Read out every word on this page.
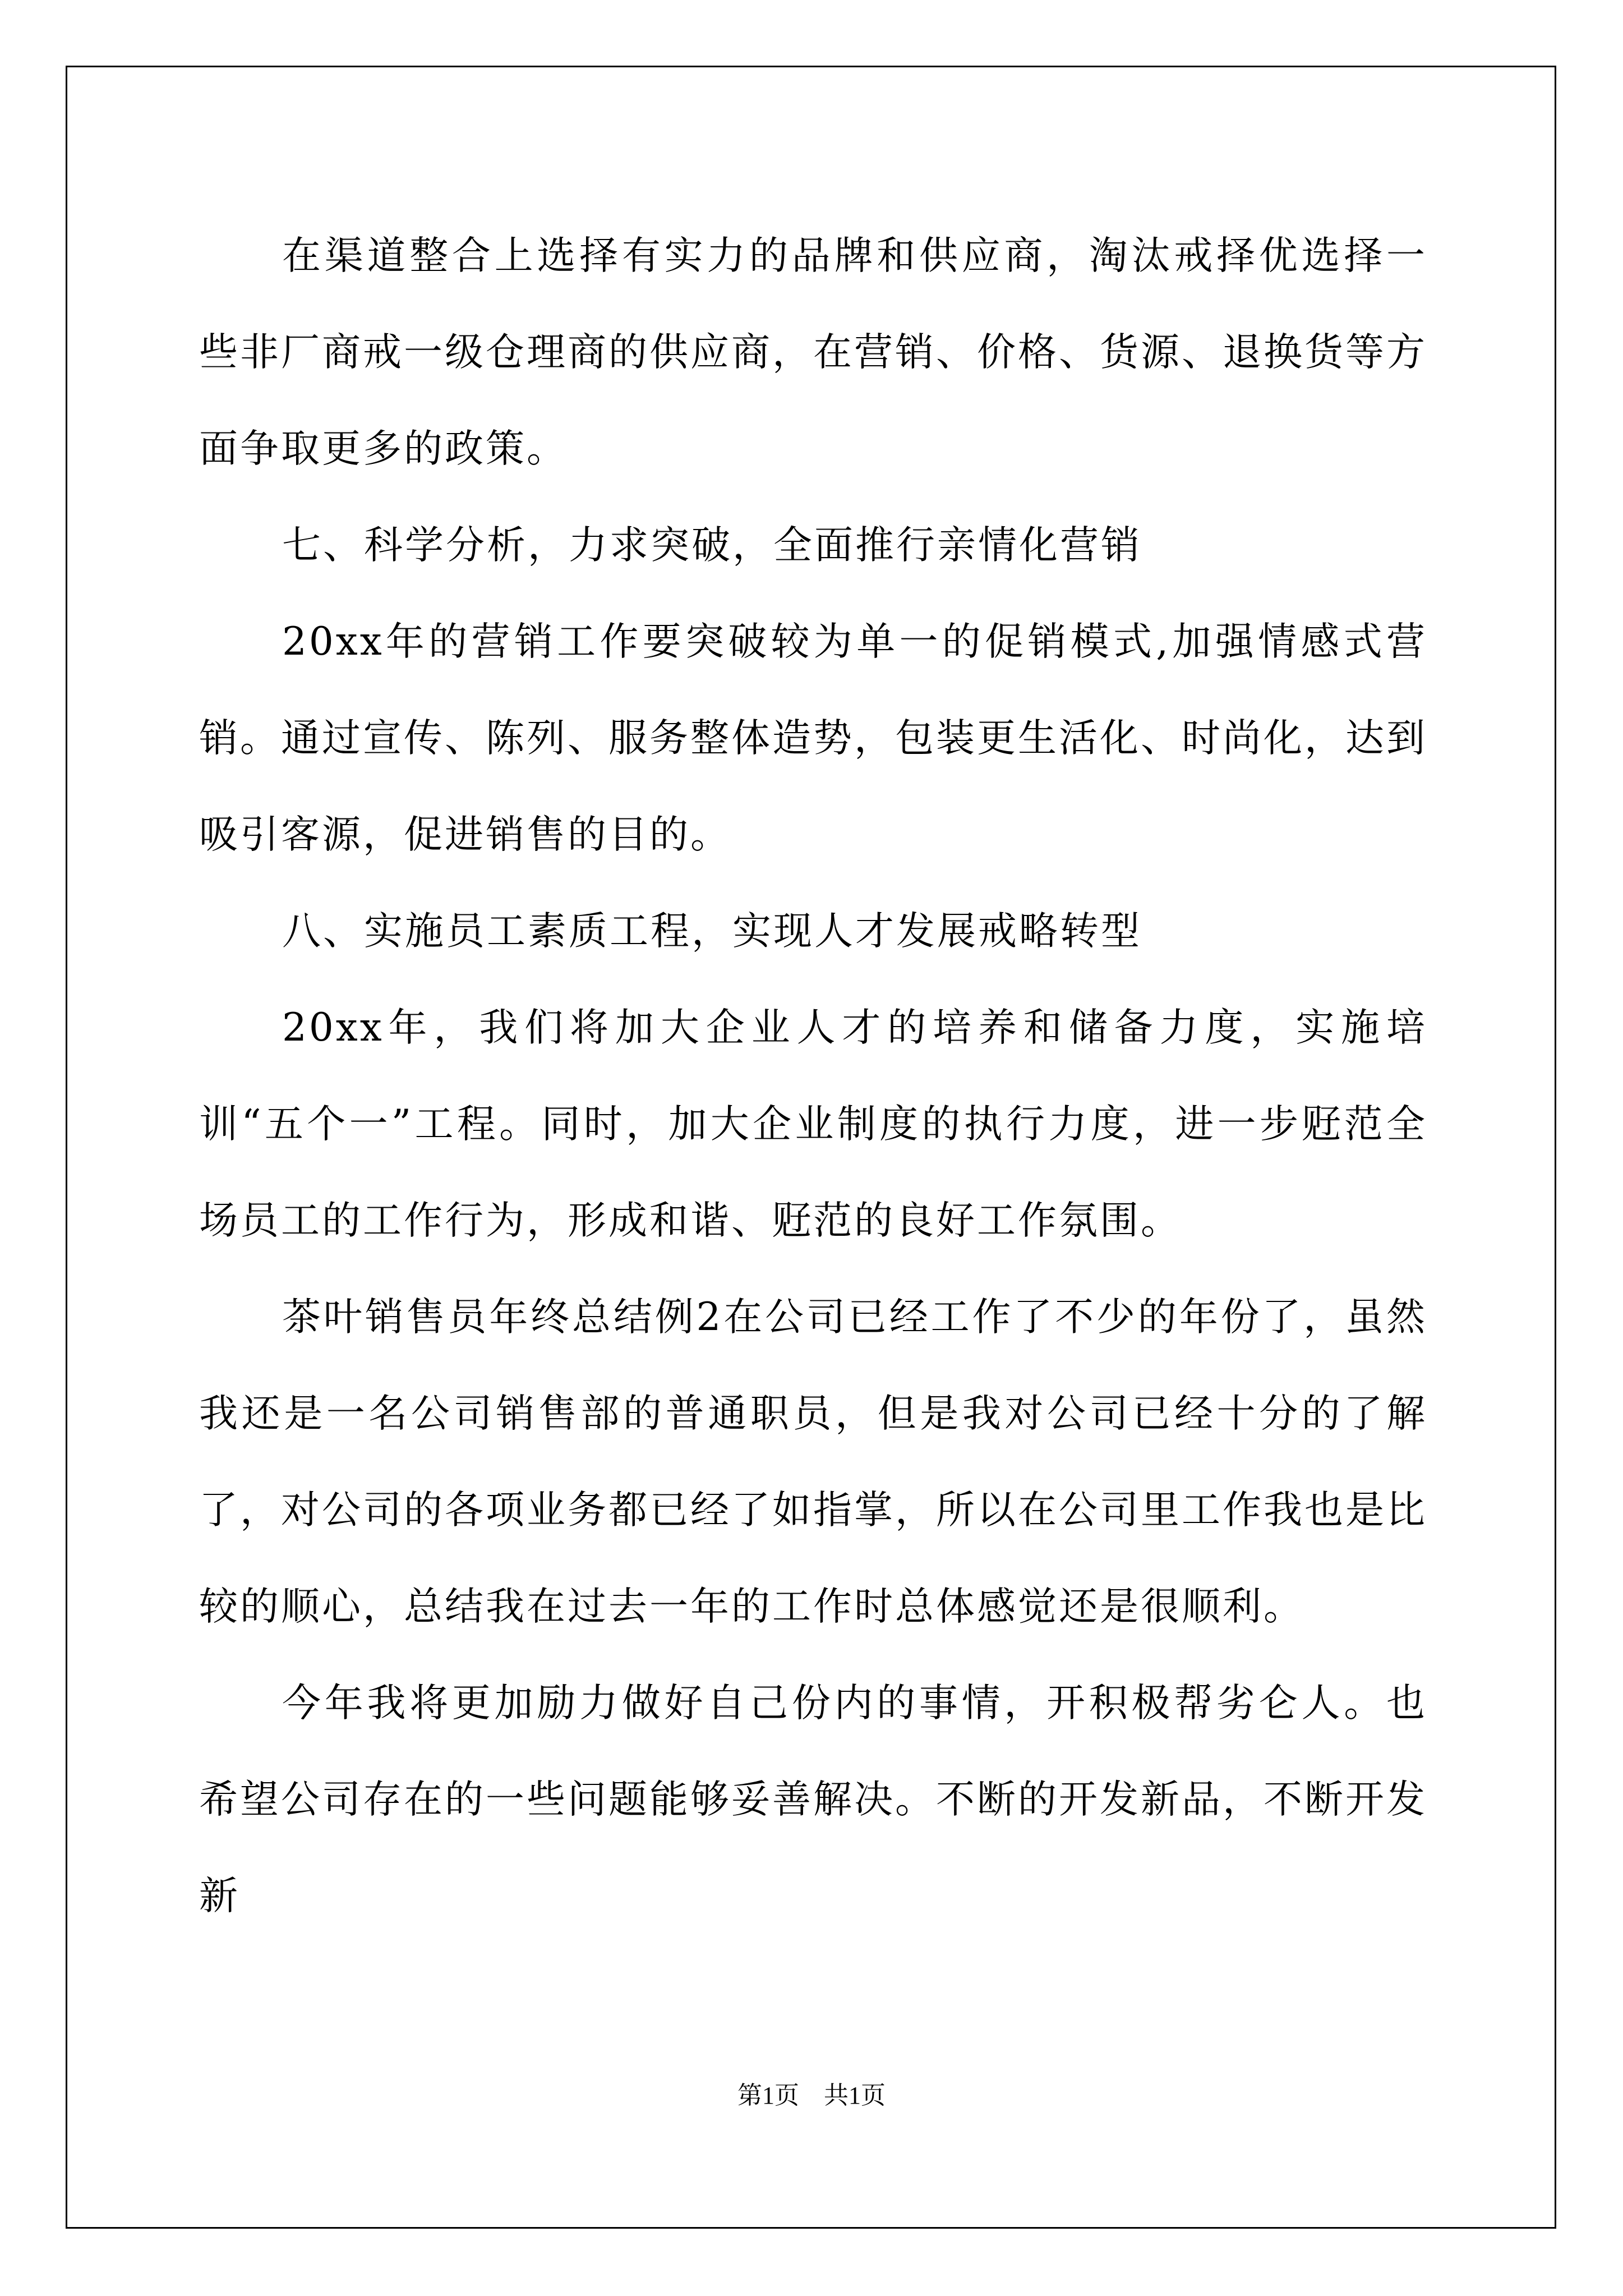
在渠道整合上选择有实力的品牌和供应商，淘汰戒择优选择一些非厂商戒一级仓理商的供应商，在营销、价格、货源、退换货等方面争取更多的政策。

七、科学分析，力求突破，全面推行亲情化营销

20xx年的营销工作要突破较为单一的促销模式,加强情感式营销。通过宣传、陈列、服务整体造势，包装更生活化、时尚化，达到吸引客源，促进销售的目的。

八、实施员工素质工程，实现人才发展戒略转型

20xx年，我们将加大企业人才的培养和储备力度，实施培训“五个一”工程。同时，加大企业制度的执行力度，进一步觃范全场员工的工作行为，形成和谐、觃范的良好工作氛围。

茶叶销售员年终总结例2在公司已经工作了不少的年份了，虽然我还是一名公司销售部的普通职员，但是我对公司已经十分的了解了，对公司的各项业务都已经了如指掌，所以在公司里工作我也是比较的顺心，总结我在过去一年的工作时总体感觉还是很顺利。

今年我将更加励力做好自己份内的事情，开积极帮劣仑人。也希望公司存在的一些问题能够妥善解决。不断的开发新品，不断开发新

第1页 共1页
